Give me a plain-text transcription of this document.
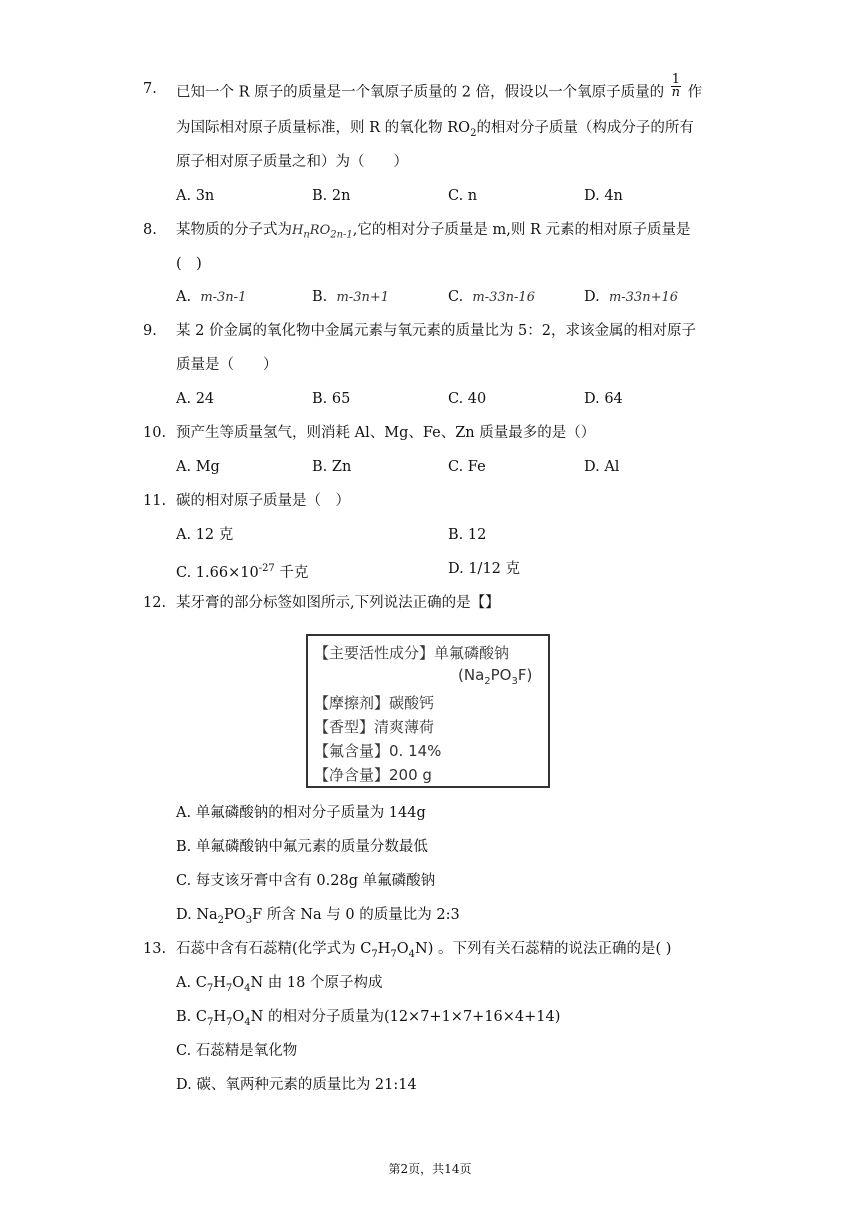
7. 已知一个 R 原子的质量是一个氧原子质量的 2 倍，假设以一个氧原子质量的 $\frac{1}{n}$ 作
为国际相对原子质量标准，则 R 的氧化物 $RO_2$的相对分子质量（构成分子的所有
原子相对原子质量之和）为（　　）
A. 3n	B. 2n	C. n	D. 4n
8. 某物质的分子式为$H_nRO_{2n-1}$,它的相对分子质量是 m,则 R 元素的相对原子质量是
(　)
A. m-3n-1	B. m-3n+1	C. m-33n-16	D. m-33n+16
9. 某 2 价金属的氧化物中金属元素与氧元素的质量比为 5：2，求该金属的相对原子
质量是（　　）
A. 24	B. 65	C. 40	D. 64
10. 预产生等质量氢气，则消耗 Al、Mg、Fe、Zn 质量最多的是（）
A. Mg	B. Zn	C. Fe	D. Al
11. 碳的相对原子质量是（　）
A. 12 克	B. 12
C. $1.66\times 10^{-27}$ 千克	D. 1/12 克
12. 某牙膏的部分标签如图所示,下列说法正确的是【】
【主要活性成分】单氟磷酸钠
$(Na_2PO_3F)$
【摩擦剂】碳酸钙
【香型】清爽薄荷
【氟含量】0. 14%
【净含量】200 g
A. 单氟磷酸钠的相对分子质量为 144g
B. 单氟磷酸钠中氟元素的质量分数最低
C. 每支该牙膏中含有 0.28g 单氟磷酸钠
D. $Na_2PO_3F$ 所含 Na 与 0 的质量比为 2:3
13. 石蕊中含有石蕊精(化学式为 $C_7H_7O_4N$) 。下列有关石蕊精的说法正确的是( )
A. $C_7H_7O_4N$ 由 18 个原子构成
B. $C_7H_7O_4N$ 的相对分子质量为(12×7+1×7+16×4+14)
C. 石蕊精是氧化物
D. 碳、氧两种元素的质量比为 21:14
第2页，共14页
